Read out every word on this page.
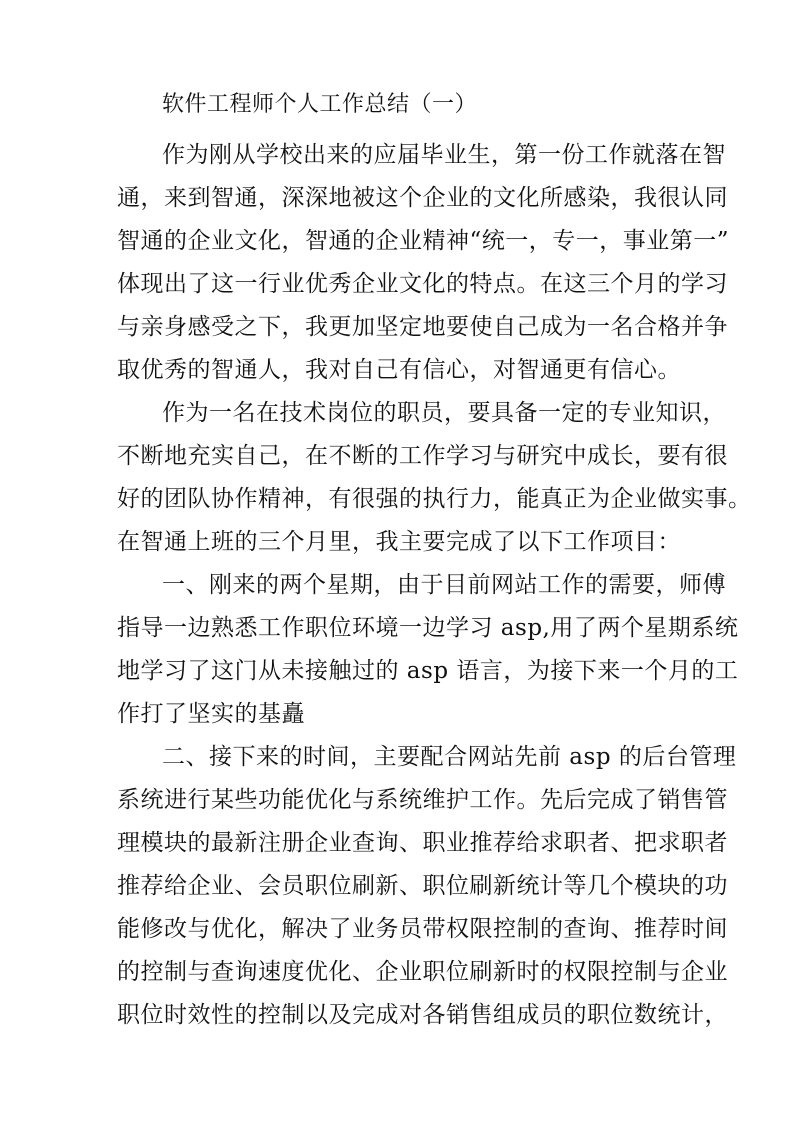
软件工程师个人工作总结（一）
作为刚从学校出来的应届毕业生，第一份工作就落在智
通，来到智通，深深地被这个企业的文化所感染，我很认同
智通的企业文化，智通的企业精神“统一，专一，事业第一”
体现出了这一行业优秀企业文化的特点。在这三个月的学习
与亲身感受之下，我更加坚定地要使自己成为一名合格并争
取优秀的智通人，我对自己有信心，对智通更有信心。
作为一名在技术岗位的职员，要具备一定的专业知识，
不断地充实自己，在不断的工作学习与研究中成长，要有很
好的团队协作精神，有很强的执行力，能真正为企业做实事。
在智通上班的三个月里，我主要完成了以下工作项目：
一、刚来的两个星期，由于目前网站工作的需要，师傅
指导一边熟悉工作职位环境一边学习 asp,用了两个星期系统
地学习了这门从未接触过的 asp 语言，为接下来一个月的工
作打了坚实的基矗
二、接下来的时间，主要配合网站先前 asp 的后台管理
系统进行某些功能优化与系统维护工作。先后完成了销售管
理模块的最新注册企业查询、职业推荐给求职者、把求职者
推荐给企业、会员职位刷新、职位刷新统计等几个模块的功
能修改与优化，解决了业务员带权限控制的查询、推荐时间
的控制与查询速度优化、企业职位刷新时的权限控制与企业
职位时效性的控制以及完成对各销售组成员的职位数统计，
